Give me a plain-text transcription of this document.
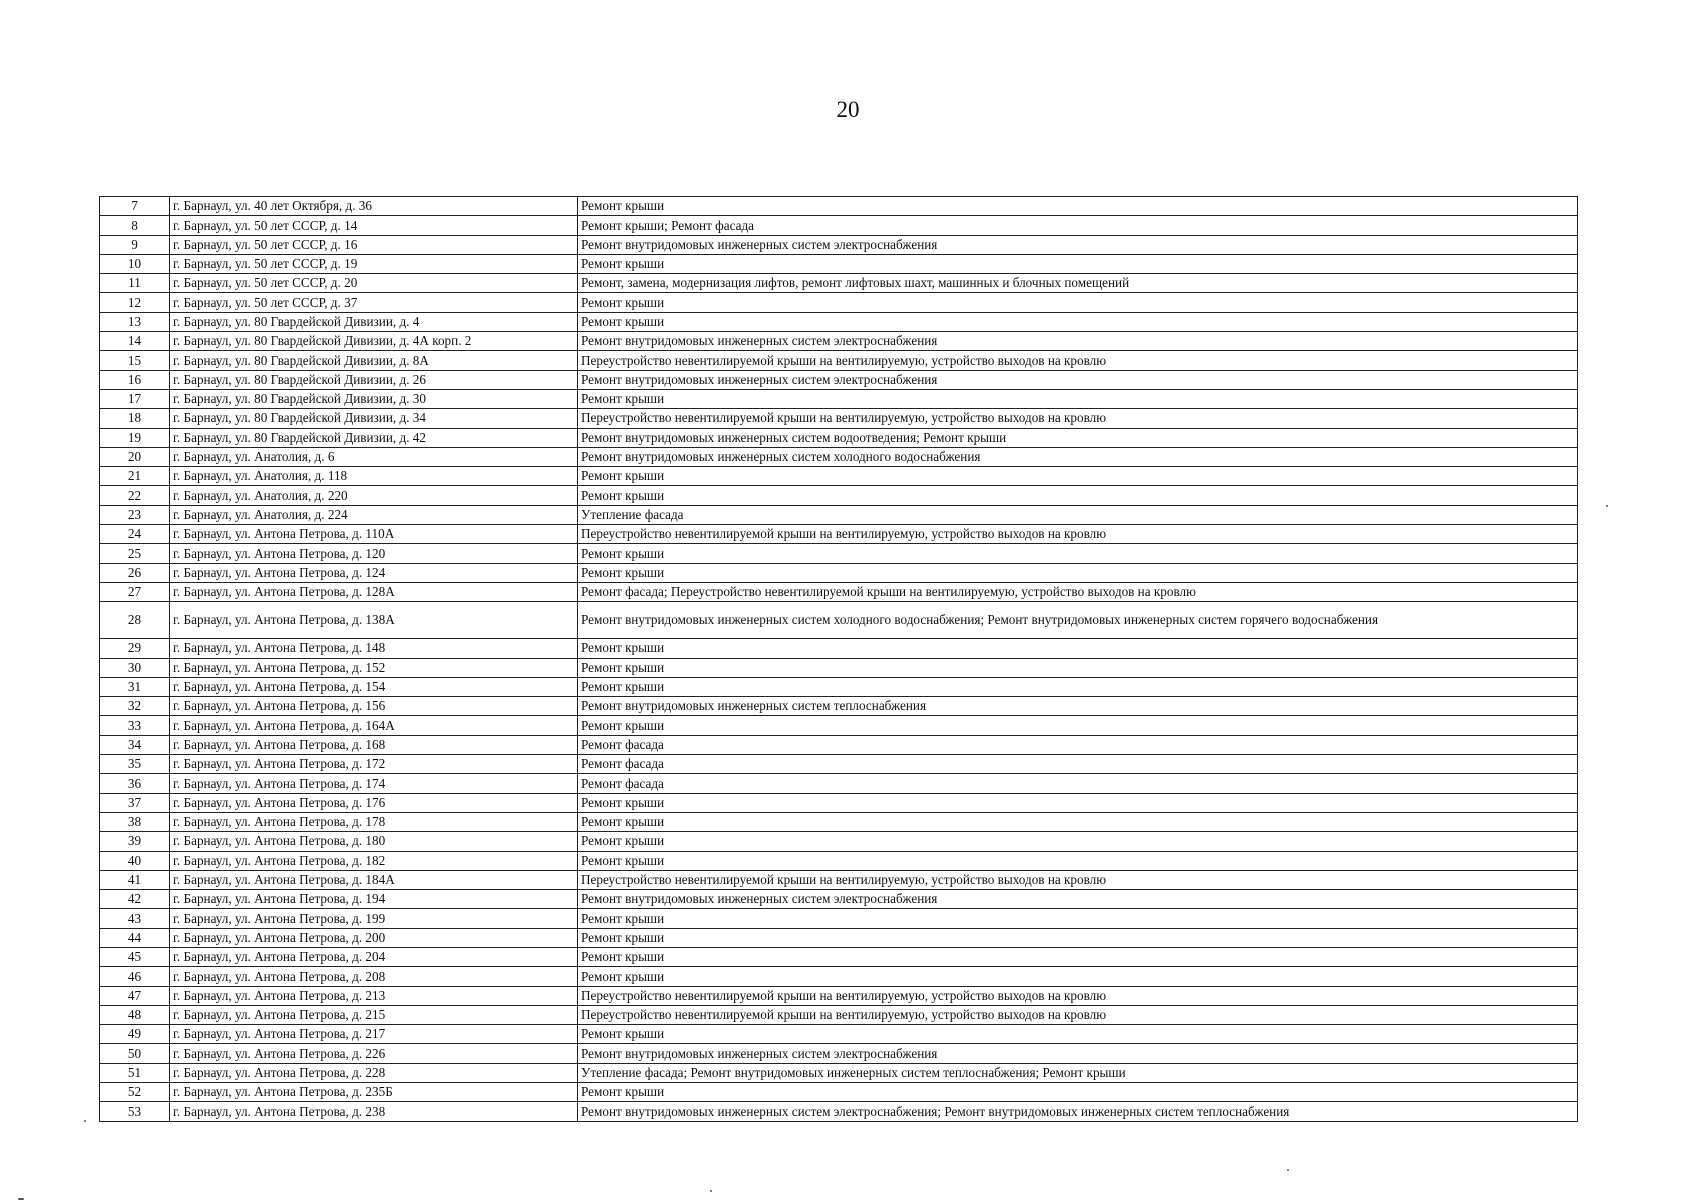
20
7	г. Барнаул, ул. 40 лет Октября, д. 36	Ремонт крыши
8	г. Барнаул, ул. 50 лет СССР, д. 14	Ремонт крыши; Ремонт фасада
9	г. Барнаул, ул. 50 лет СССР, д. 16	Ремонт внутридомовых инженерных систем электроснабжения
10	г. Барнаул, ул. 50 лет СССР, д. 19	Ремонт крыши
11	г. Барнаул, ул. 50 лет СССР, д. 20	Ремонт, замена, модернизация лифтов, ремонт лифтовых шахт, машинных и блочных помещений
12	г. Барнаул, ул. 50 лет СССР, д. 37	Ремонт крыши
13	г. Барнаул, ул. 80 Гвардейской Дивизии, д. 4	Ремонт крыши
14	г. Барнаул, ул. 80 Гвардейской Дивизии, д. 4А корп. 2	Ремонт внутридомовых инженерных систем электроснабжения
15	г. Барнаул, ул. 80 Гвардейской Дивизии, д. 8А	Переустройство невентилируемой крыши на вентилируемую, устройство выходов на кровлю
16	г. Барнаул, ул. 80 Гвардейской Дивизии, д. 26	Ремонт внутридомовых инженерных систем электроснабжения
17	г. Барнаул, ул. 80 Гвардейской Дивизии, д. 30	Ремонт крыши
18	г. Барнаул, ул. 80 Гвардейской Дивизии, д. 34	Переустройство невентилируемой крыши на вентилируемую, устройство выходов на кровлю
19	г. Барнаул, ул. 80 Гвардейской Дивизии, д. 42	Ремонт внутридомовых инженерных систем водоотведения; Ремонт крыши
20	г. Барнаул, ул. Анатолия, д. 6	Ремонт внутридомовых инженерных систем холодного водоснабжения
21	г. Барнаул, ул. Анатолия, д. 118	Ремонт крыши
22	г. Барнаул, ул. Анатолия, д. 220	Ремонт крыши
23	г. Барнаул, ул. Анатолия, д. 224	Утепление фасада
24	г. Барнаул, ул. Антона Петрова, д. 110А	Переустройство невентилируемой крыши на вентилируемую, устройство выходов на кровлю
25	г. Барнаул, ул. Антона Петрова, д. 120	Ремонт крыши
26	г. Барнаул, ул. Антона Петрова, д. 124	Ремонт крыши
27	г. Барнаул, ул. Антона Петрова, д. 128А	Ремонт фасада; Переустройство невентилируемой крыши на вентилируемую, устройство выходов на кровлю
28	г. Барнаул, ул. Антона Петрова, д. 138А	Ремонт внутридомовых инженерных систем холодного водоснабжения; Ремонт внутридомовых инженерных систем горячего водоснабжения
29	г. Барнаул, ул. Антона Петрова, д. 148	Ремонт крыши
30	г. Барнаул, ул. Антона Петрова, д. 152	Ремонт крыши
31	г. Барнаул, ул. Антона Петрова, д. 154	Ремонт крыши
32	г. Барнаул, ул. Антона Петрова, д. 156	Ремонт внутридомовых инженерных систем теплоснабжения
33	г. Барнаул, ул. Антона Петрова, д. 164А	Ремонт крыши
34	г. Барнаул, ул. Антона Петрова, д. 168	Ремонт фасада
35	г. Барнаул, ул. Антона Петрова, д. 172	Ремонт фасада
36	г. Барнаул, ул. Антона Петрова, д. 174	Ремонт фасада
37	г. Барнаул, ул. Антона Петрова, д. 176	Ремонт крыши
38	г. Барнаул, ул. Антона Петрова, д. 178	Ремонт крыши
39	г. Барнаул, ул. Антона Петрова, д. 180	Ремонт крыши
40	г. Барнаул, ул. Антона Петрова, д. 182	Ремонт крыши
41	г. Барнаул, ул. Антона Петрова, д. 184А	Переустройство невентилируемой крыши на вентилируемую, устройство выходов на кровлю
42	г. Барнаул, ул. Антона Петрова, д. 194	Ремонт внутридомовых инженерных систем электроснабжения
43	г. Барнаул, ул. Антона Петрова, д. 199	Ремонт крыши
44	г. Барнаул, ул. Антона Петрова, д. 200	Ремонт крыши
45	г. Барнаул, ул. Антона Петрова, д. 204	Ремонт крыши
46	г. Барнаул, ул. Антона Петрова, д. 208	Ремонт крыши
47	г. Барнаул, ул. Антона Петрова, д. 213	Переустройство невентилируемой крыши на вентилируемую, устройство выходов на кровлю
48	г. Барнаул, ул. Антона Петрова, д. 215	Переустройство невентилируемой крыши на вентилируемую, устройство выходов на кровлю
49	г. Барнаул, ул. Антона Петрова, д. 217	Ремонт крыши
50	г. Барнаул, ул. Антона Петрова, д. 226	Ремонт внутридомовых инженерных систем электроснабжения
51	г. Барнаул, ул. Антона Петрова, д. 228	Утепление фасада; Ремонт внутридомовых инженерных систем теплоснабжения; Ремонт крыши
52	г. Барнаул, ул. Антона Петрова, д. 235Б	Ремонт крыши
53	г. Барнаул, ул. Антона Петрова, д. 238	Ремонт внутридомовых инженерных систем электроснабжения; Ремонт внутридомовых инженерных систем теплоснабжения
